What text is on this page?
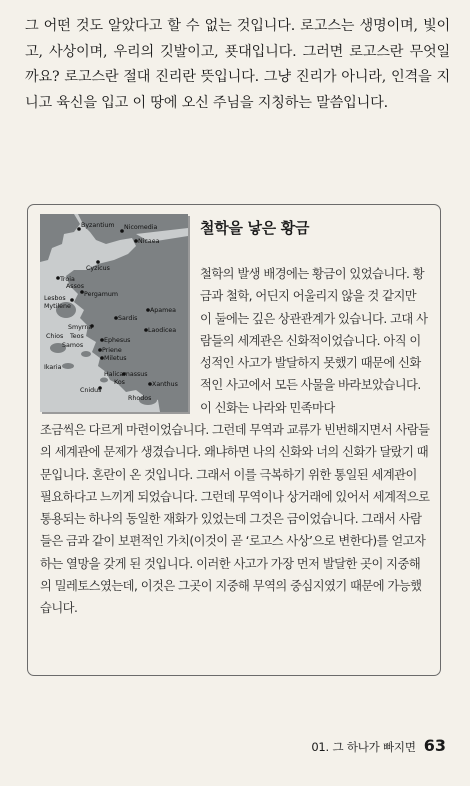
그 어떤 것도 알았다고 할 수 없는 것입니다. 로고스는 생명이며, 빛이고, 사상이며, 우리의 깃발이고, 푯대입니다. 그러면 로고스란 무엇일까요? 로고스란 절대 진리란 뜻입니다. 그냥 진리가 아니라, 인격을 지니고 육신을 입고 이 땅에 오신 주님을 지칭하는 말씀입니다.

Byzantium Nicomedia
Nicaea
Cyzicus
Troia
Assos
Pergamum
Lesbos
Mytilene
Sardis
Apamea
Smyrna
Chios Teos
Ephesus
Laodicea
Samos
Priene
Miletus
Ikaria
Halicarnassus
Kos	Xanthus
Cnidus
Rhodos
철학을 낳은 황금

철학의 발생 배경에는 황금이 있었습니다. 황금과 철학, 어딘지 어울리지 않을 것 같지만 이 둘에는 깊은 상관관계가 있습니다. 고대 사람들의 세계관은 신화적이었습니다. 아직 이성적인 사고가 발달하지 못했기 때문에 신화적인 사고에서 모든 사물을 바라보았습니다. 이 신화는 나라와 민족마다

조금씩은 다르게 마련이었습니다. 그런데 무역과 교류가 빈번해지면서 사람들의 세계관에 문제가 생겼습니다. 왜냐하면 나의 신화와 너의 신화가 달랐기 때문입니다. 혼란이 온 것입니다. 그래서 이를 극복하기 위한 통일된 세계관이 필요하다고 느끼게 되었습니다. 그런데 무역이나 상거래에 있어서 세계적으로 통용되는 하나의 동일한 재화가 있었는데 그것은 금이었습니다. 그래서 사람들은 금과 같이 보편적인 가치(이것이 곧 ‘로고스 사상’으로 변한다)를 얻고자 하는 열망을 갖게 된 것입니다. 이러한 사고가 가장 먼저 발달한 곳이 지중해의 밀레토스였는데, 이것은 그곳이 지중해 무역의 중심지였기 때문에 가능했습니다.

01. 그 하나가 빠지면 63
